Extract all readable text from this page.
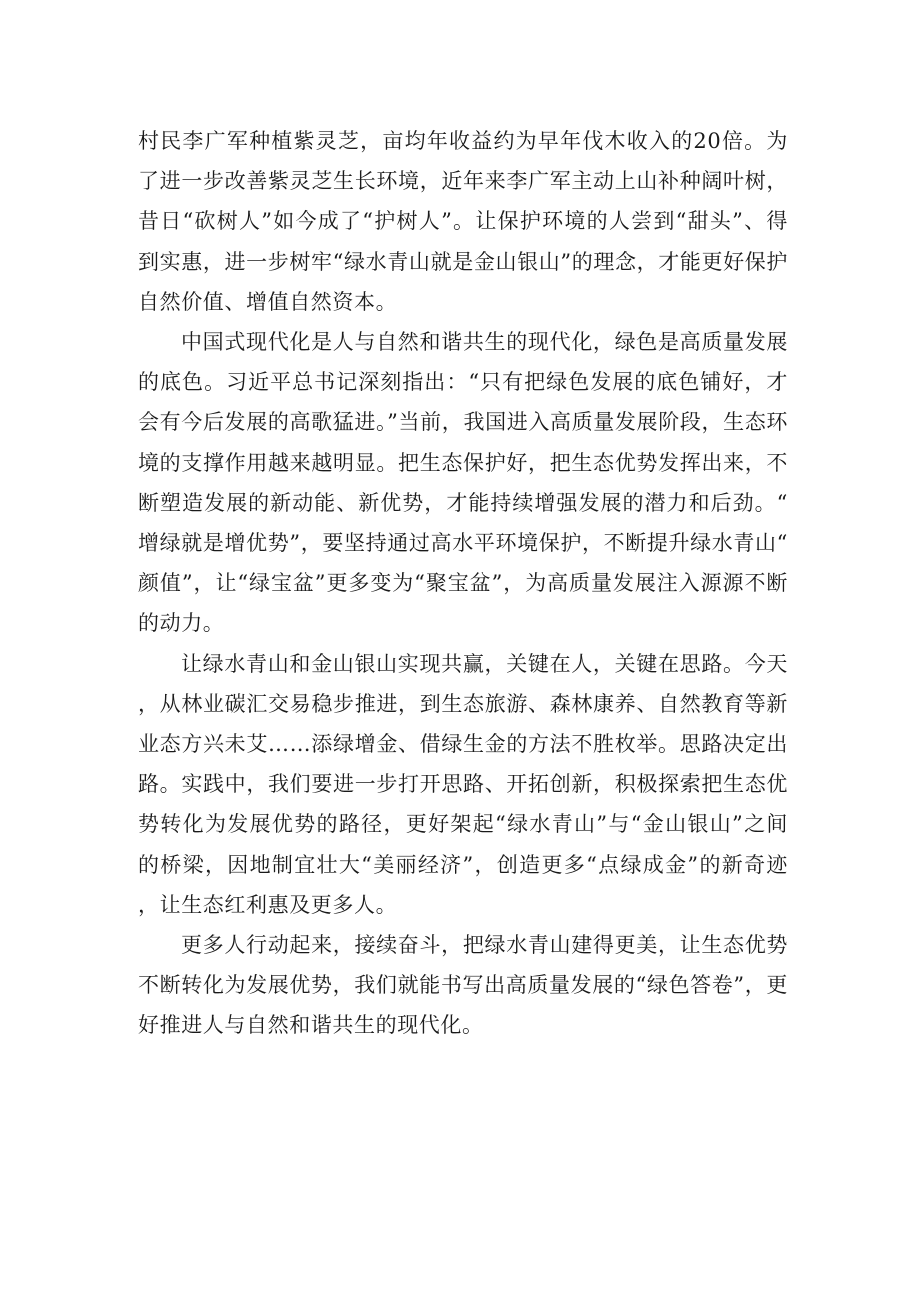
村民李广军种植紫灵芝，亩均年收益约为早年伐木收入的20倍。为了进一步改善紫灵芝生长环境，近年来李广军主动上山补种阔叶树，昔日“砍树人”如今成了“护树人”。让保护环境的人尝到“甜头”、得到实惠，进一步树牢“绿水青山就是金山银山”的理念，才能更好保护自然价值、增值自然资本。

中国式现代化是人与自然和谐共生的现代化，绿色是高质量发展的底色。习近平总书记深刻指出：“只有把绿色发展的底色铺好，才会有今后发展的高歌猛进。”当前，我国进入高质量发展阶段，生态环境的支撑作用越来越明显。把生态保护好，把生态优势发挥出来，不断塑造发展的新动能、新优势，才能持续增强发展的潜力和后劲。“增绿就是增优势”，要坚持通过高水平环境保护，不断提升绿水青山“颜值”，让“绿宝盆”更多变为“聚宝盆”，为高质量发展注入源源不断的动力。

让绿水青山和金山银山实现共赢，关键在人，关键在思路。今天，从林业碳汇交易稳步推进，到生态旅游、森林康养、自然教育等新业态方兴未艾……添绿增金、借绿生金的方法不胜枚举。思路决定出路。实践中，我们要进一步打开思路、开拓创新，积极探索把生态优势转化为发展优势的路径，更好架起“绿水青山”与“金山银山”之间的桥梁，因地制宜壮大“美丽经济”，创造更多“点绿成金”的新奇迹，让生态红利惠及更多人。

更多人行动起来，接续奋斗，把绿水青山建得更美，让生态优势不断转化为发展优势，我们就能书写出高质量发展的“绿色答卷”，更好推进人与自然和谐共生的现代化。
